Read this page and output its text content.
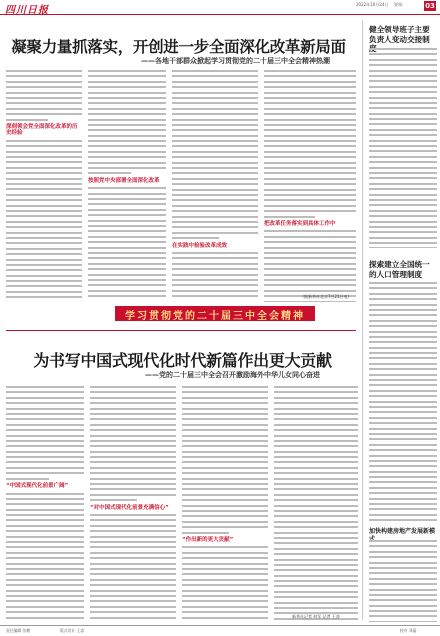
四川日报
2022年10月24日 要闻·	03
凝聚力量抓落实，开创进一步全面深化改革新局面
——各地干部群众掀起学习贯彻党的二十届三中全会精神热潮
深刻领会党全面深化改革的历史经验
按照党中央部署全面深化改革
在实践中检验改革成效
把改革任务落实到具体工作中
（据新华社北京7月21日电）
学习贯彻党的二十届三中全会精神
健全领导班子主要负责人变动交接制
探索建立全国统一的人口管理制度
加快构建房地产发展新模
为书写中国式现代化时代新篇作出更大贡献
——党的二十届三中全会召开激励海外中华儿女同心奋进
“中国式现代化前景广阔”
“对中国式现代化前景充满信心”
“作出新的更大贡献”
新华社记者 何军 记者 王涛
责任编辑 张鹏	版式设计 王睿	校对 邓磊
